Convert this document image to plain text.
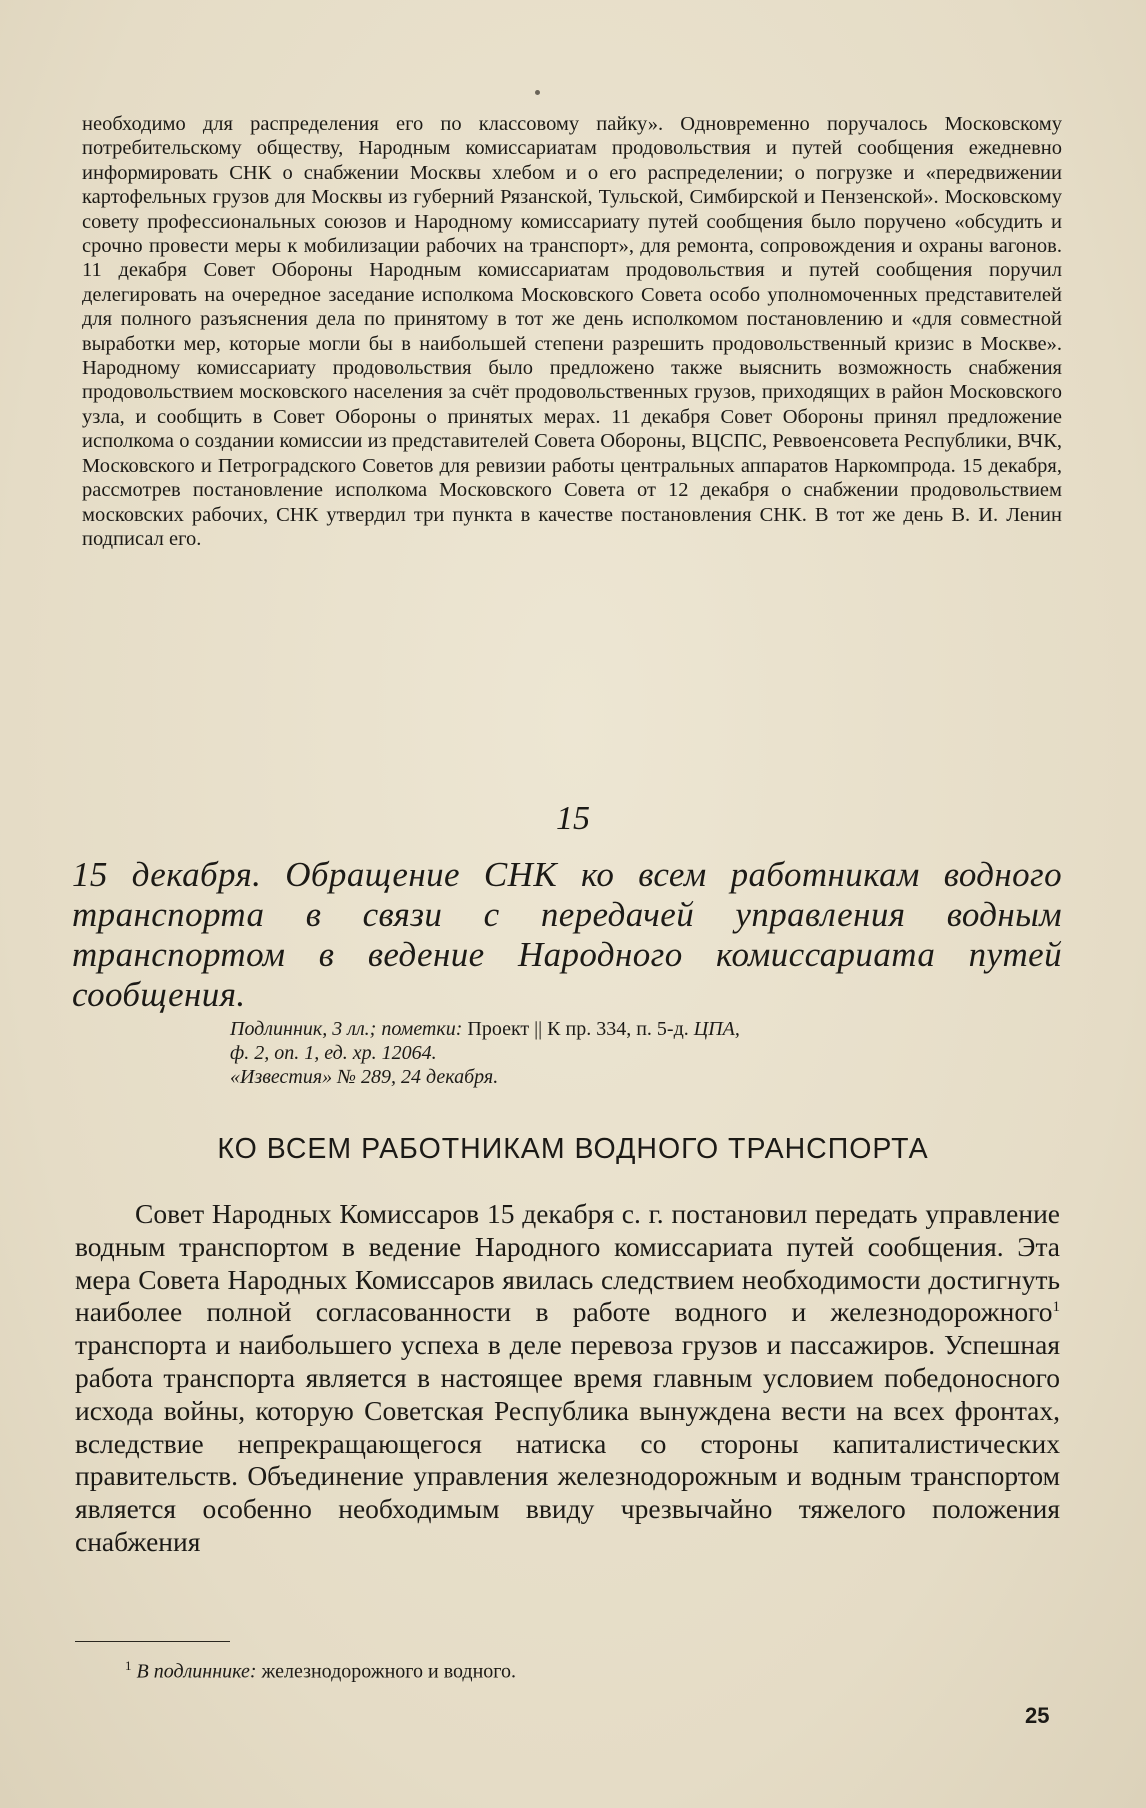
необходимо для распределения его по классовому пайку». Одновременно поручалось Московскому потребительскому обществу, Народным комиссариатам продовольствия и путей сообщения ежедневно информировать СНК о снабжении Москвы хлебом и о его распределении; о погрузке и «передвижении картофельных грузов для Москвы из губерний Рязанской, Тульской, Симбирской и Пензенской». Московскому совету профессиональных союзов и Народному комиссариату путей сообщения было поручено «обсудить и срочно провести меры к мобилизации рабочих на транспорт», для ремонта, сопровождения и охраны вагонов. 11 декабря Совет Обороны Народным комиссариатам продовольствия и путей сообщения поручил делегировать на очередное заседание исполкома Московского Совета особо уполномоченных представителей для полного разъяснения дела по принятому в тот же день исполкомом постановлению и «для совместной выработки мер, которые могли бы в наибольшей степени разрешить продовольственный кризис в Москве». Народному комиссариату продовольствия было предложено также выяснить возможность снабжения продовольствием московского населения за счёт продовольственных грузов, приходящих в район Московского узла, и сообщить в Совет Обороны о принятых мерах. 11 декабря Совет Обороны принял предложение исполкома о создании комиссии из представителей Совета Обороны, ВЦСПС, Реввоенсовета Республики, ВЧК, Московского и Петроградского Советов для ревизии работы центральных аппаратов Наркомпрода. 15 декабря, рассмотрев постановление исполкома Московского Совета от 12 декабря о снабжении продовольствием московских рабочих, СНК утвердил три пункта в качестве постановления СНК. В тот же день В. И. Ленин подписал его.

15
15 декабря. Обращение СНК ко всем работникам водного транспорта в связи с передачей управления водным транспортом в ведение Народного комиссариата путей сообщения.
Подлинник, 3 лл.; пометки: Проект || К пр. 334, п. 5-д. ЦПА,
ф. 2, оп. 1, ед. хр. 12064.
«Известия» № 289, 24 декабря.
КО ВСЕМ РАБОТНИКАМ ВОДНОГО ТРАНСПОРТА

Совет Народных Комиссаров 15 декабря с. г. постановил передать управление водным транспортом в ведение Народного комиссариата путей сообщения. Эта мера Совета Народных Комиссаров явилась следствием необходимости достигнуть наиболее полной согласованности в работе водного и железнодорожного$^1$ транспорта и наибольшего успеха в деле перевоза грузов и пассажиров. Успешная работа транспорта является в настоящее время главным условием победоносного исхода войны, которую Советская Республика вынуждена вести на всех фронтах, вследствие непрекращающегося натиска со стороны капиталистических правительств. Объединение управления железнодорожным и водным транспортом является особенно необходимым ввиду чрезвычайно тяжелого положения снабжения

$^1$ В подлиннике: железнодорожного и водного.
25
